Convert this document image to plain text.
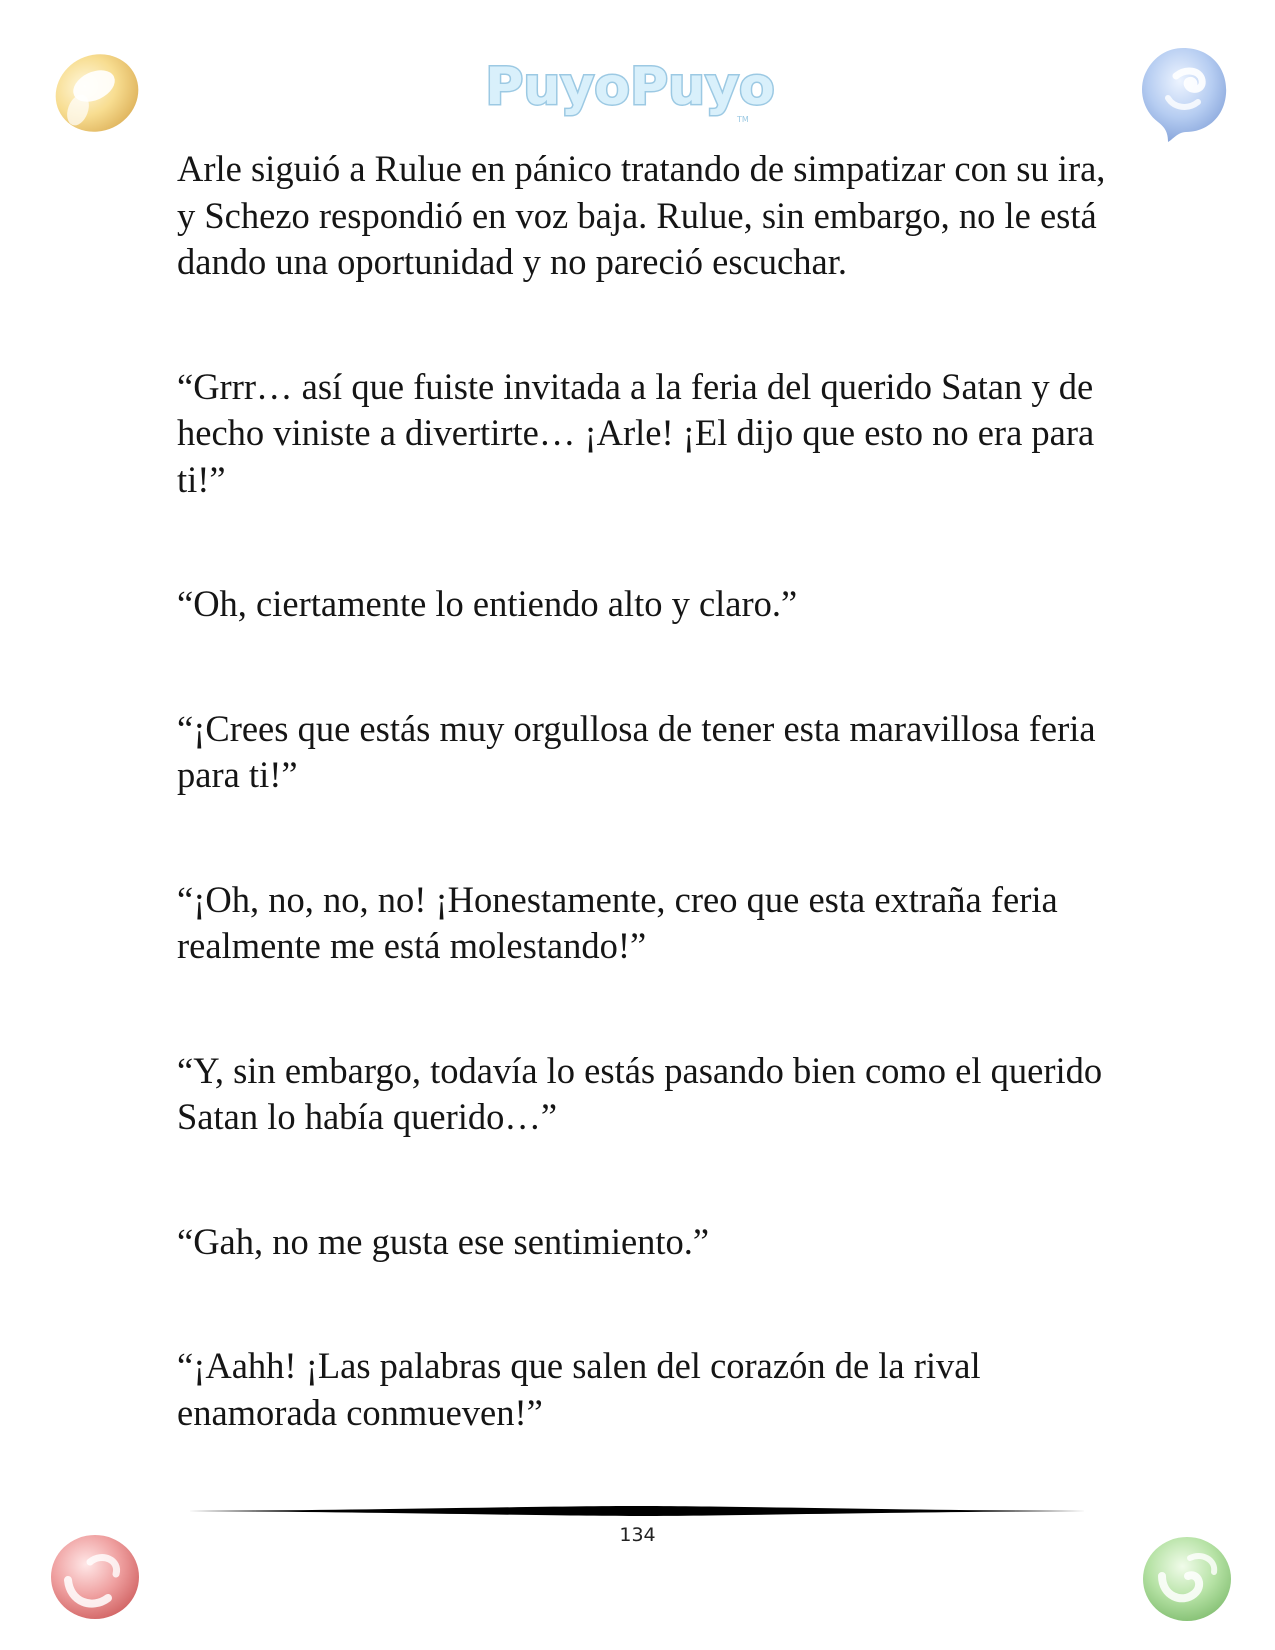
PuyoPuyo
TM

Arle siguió a Rulue en pánico tratando de simpatizar con su ira, y Schezo respondió en voz baja. Rulue, sin embargo, no le está dando una oportunidad y no pareció escuchar.

“Grrr… así que fuiste invitada a la feria del querido Satan y de hecho viniste a divertirte… ¡Arle! ¡El dijo que esto no era para ti!”

“Oh, ciertamente lo entiendo alto y claro.”

“¡Crees que estás muy orgullosa de tener esta maravillosa feria para ti!”

“¡Oh, no, no, no! ¡Honestamente, creo que esta extraña feria realmente me está molestando!”

“Y, sin embargo, todavía lo estás pasando bien como el querido Satan lo había querido…”

“Gah, no me gusta ese sentimiento.”

“¡Aahh! ¡Las palabras que salen del corazón de la rival enamorada conmueven!”

134
